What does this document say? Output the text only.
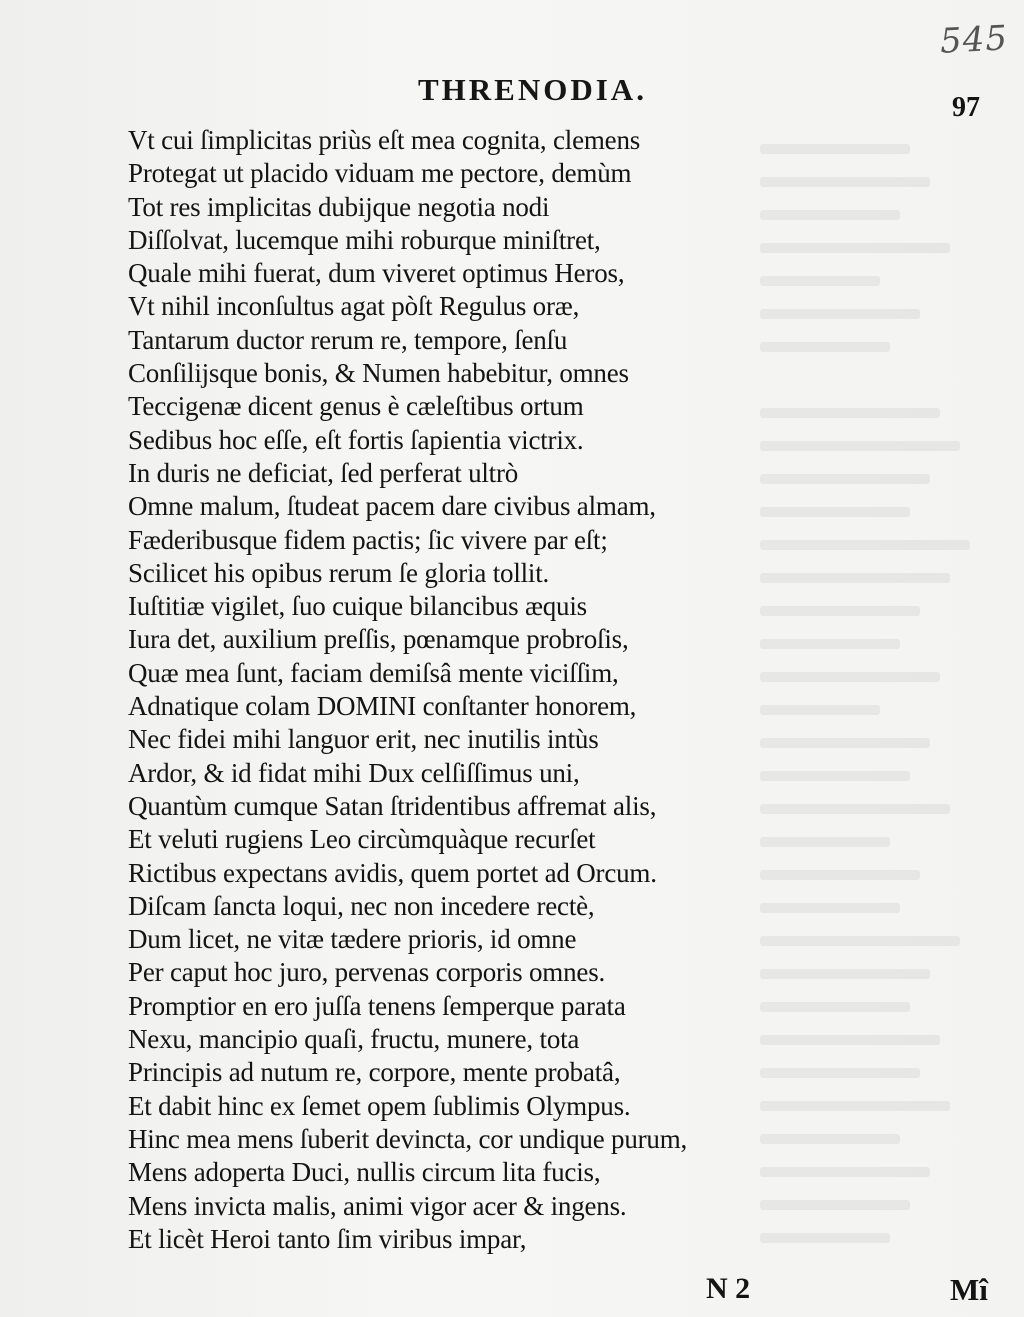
545
THRENODIA.
97
Vt cui ſimplicitas priùs eſt mea cognita, clemens
Protegat ut placido viduam me pectore, demùm
Tot res implicitas dubijque negotia nodi
Diſſolvat, lucemque mihi roburque miniſtret,
Quale mihi fuerat, dum viveret optimus Heros,
Vt nihil inconſultus agat pòſt Regulus oræ,
Tantarum ductor rerum re, tempore, ſenſu
Conſilijsque bonis, & Numen habebitur, omnes
Teccigenæ dicent genus è cæleſtibus ortum
Sedibus hoc eſſe, eſt fortis ſapientia victrix.
In duris ne deficiat, ſed perferat ultrò
Omne malum, ſtudeat pacem dare civibus almam,
Fæderibusque fidem pactis; ſic vivere par eſt;
Scilicet his opibus rerum ſe gloria tollit.
Iuſtitiæ vigilet, ſuo cuique bilancibus æquis
Iura det, auxilium preſſis, pœnamque probroſis,
Quæ mea ſunt, faciam demiſsâ mente viciſſim,
Adnatique colam DOMINI conſtanter honorem,
Nec fidei mihi languor erit, nec inutilis intùs
Ardor, & id fidat mihi Dux celſiſſimus uni,
Quantùm cumque Satan ſtridentibus affremat alis,
Et veluti rugiens Leo circùmquàque recurſet
Rictibus expectans avidis, quem portet ad Orcum.
Diſcam ſancta loqui, nec non incedere rectè,
Dum licet, ne vitæ tædere prioris, id omne
Per caput hoc juro, pervenas corporis omnes.
Promptior en ero juſſa tenens ſemperque parata
Nexu, mancipio quaſi, fructu, munere, tota
Principis ad nutum re, corpore, mente probatâ,
Et dabit hinc ex ſemet opem ſublimis Olympus.
Hinc mea mens ſuberit devincta, cor undique purum,
Mens adoperta Duci, nullis circum lita fucis,
Mens invicta malis, animi vigor acer & ingens.
Et licèt Heroi tanto ſim viribus impar,
N 2	Mî
